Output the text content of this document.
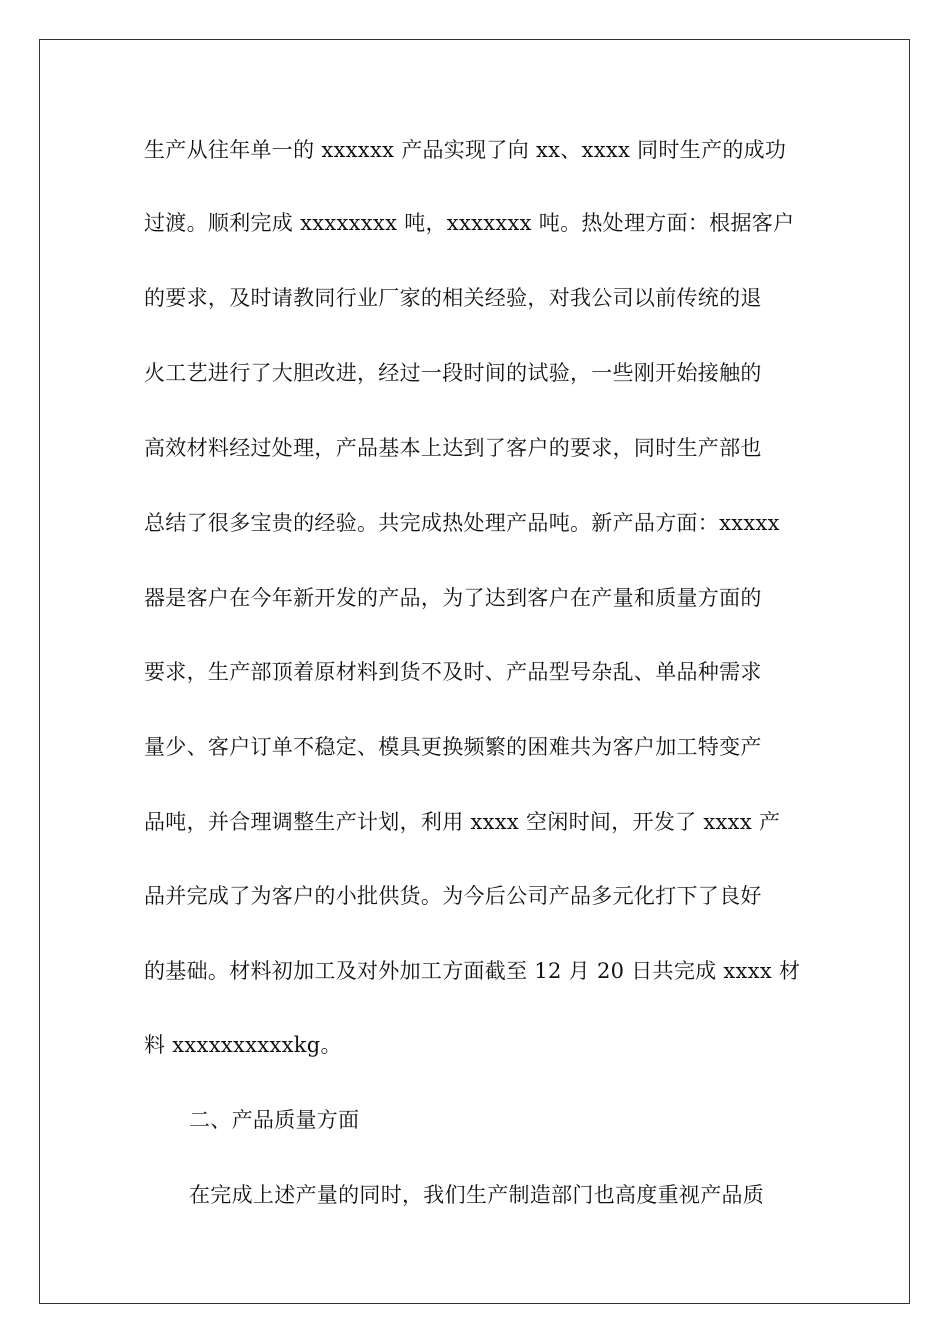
生产从往年单一的 xxxxxx 产品实现了向 xx、xxxx 同时生产的成功
过渡。顺利完成 xxxxxxxx 吨，xxxxxxx 吨。热处理方面：根据客户
的要求，及时请教同行业厂家的相关经验，对我公司以前传统的退
火工艺进行了大胆改进，经过一段时间的试验，一些刚开始接触的
高效材料经过处理，产品基本上达到了客户的要求，同时生产部也
总结了很多宝贵的经验。共完成热处理产品吨。新产品方面：xxxxx
器是客户在今年新开发的产品，为了达到客户在产量和质量方面的
要求，生产部顶着原材料到货不及时、产品型号杂乱、单品种需求
量少、客户订单不稳定、模具更换频繁的困难共为客户加工特变产
品吨，并合理调整生产计划，利用 xxxx 空闲时间，开发了 xxxx 产
品并完成了为客户的小批供货。为今后公司产品多元化打下了良好
的基础。材料初加工及对外加工方面截至 12 月 20 日共完成 xxxx 材
料 xxxxxxxxxxkg。
二、产品质量方面
在完成上述产量的同时，我们生产制造部门也高度重视产品质
